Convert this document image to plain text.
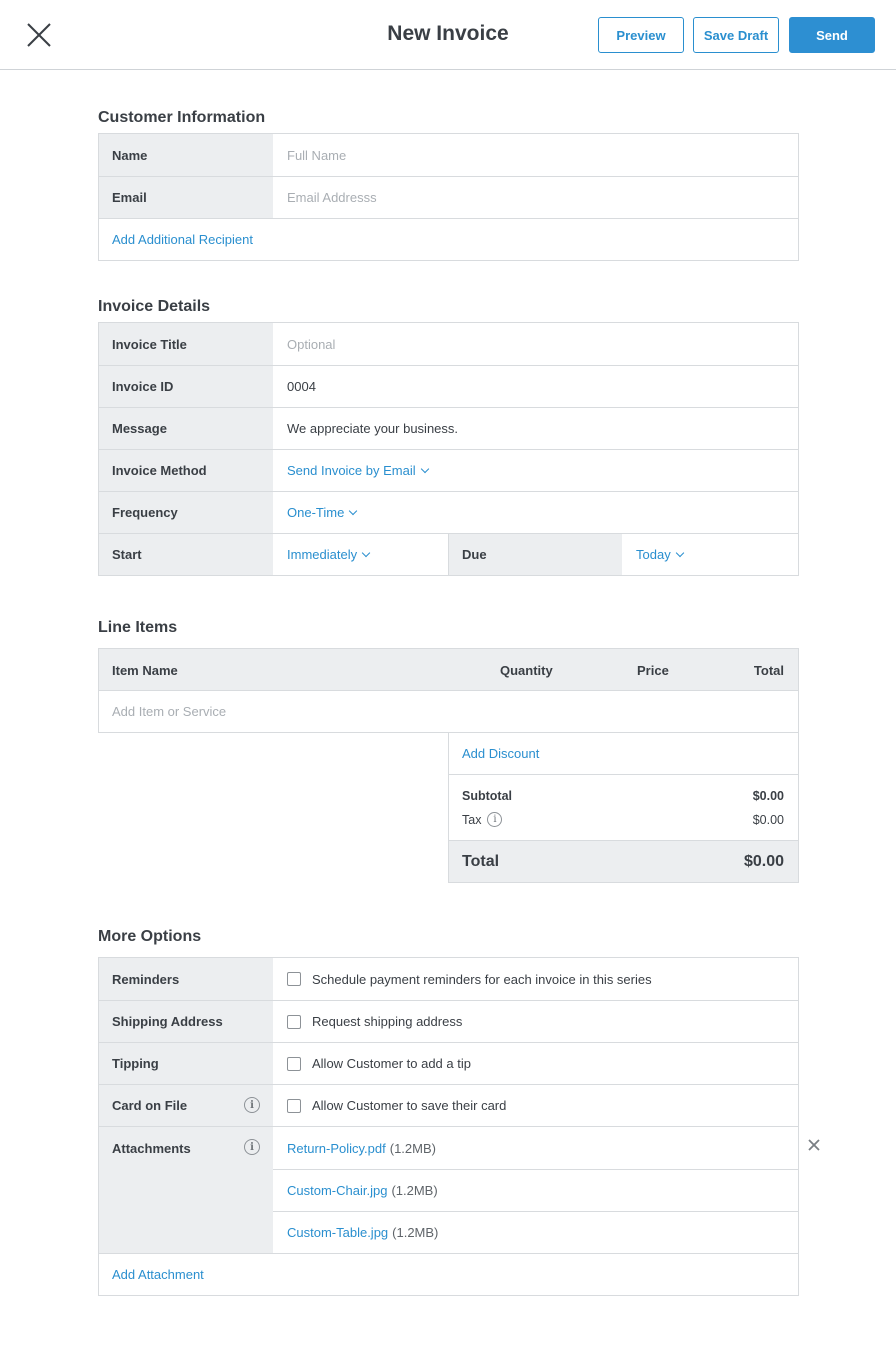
New Invoice	Preview	Save Draft	Send
Customer Information
Name	Full Name
Email	Email Addresss
Add Additional Recipient
Invoice Details
Invoice Title	Optional
Invoice ID	0004
Message	We appreciate your business.
Invoice Method	Send Invoice by Email
Frequency	One-Time
Start	Immediately	Due	Today
Line Items
Item Name	Quantity	Price	Total
Add Item or Service
Add Discount
Subtotal	$0.00
Tax	i	$0.00
Total	$0.00
More Options
Reminders	Schedule payment reminders for each invoice in this series
Shipping Address	Request shipping address
Tipping	Allow Customer to add a tip
Card on File	i	Allow Customer to save their card
Attachments	i	Return-Policy.pdf (1.2MB)
Custom-Chair.jpg (1.2MB)
Custom-Table.jpg (1.2MB)
Add Attachment
